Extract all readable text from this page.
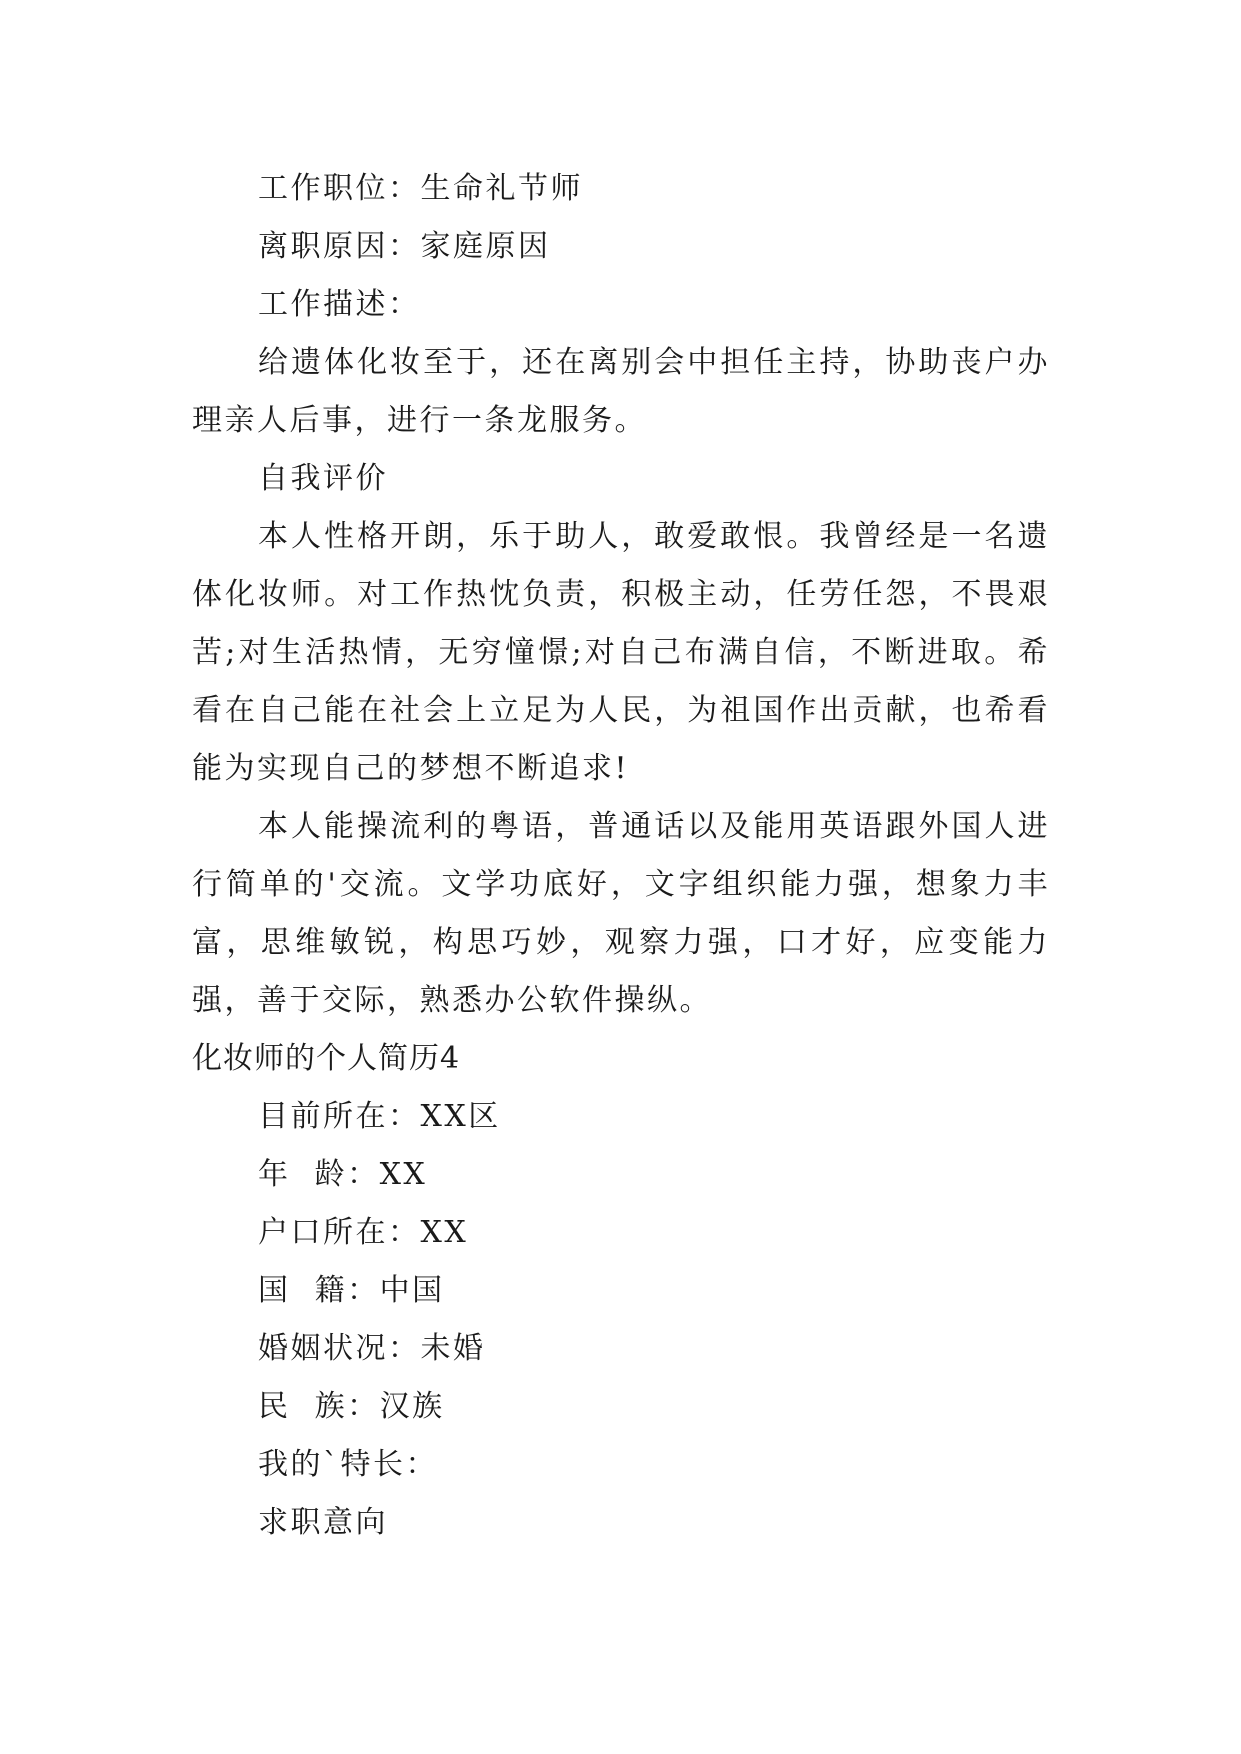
工作职位：生命礼节师

离职原因：家庭原因

工作描述：

给遗体化妆至于，还在离别会中担任主持，协助丧户办理亲人后事，进行一条龙服务。

自我评价

本人性格开朗，乐于助人，敢爱敢恨。我曾经是一名遗体化妆师。对工作热忱负责，积极主动，任劳任怨，不畏艰苦;对生活热情，无穷憧憬;对自己布满自信，不断进取。希看在自己能在社会上立足为人民，为祖国作出贡献，也希看能为实现自己的梦想不断追求!

本人能操流利的粤语，普通话以及能用英语跟外国人进行简单的'交流。文学功底好，文字组织能力强，想象力丰富，思维敏锐，构思巧妙，观察力强，口才好，应变能力强，善于交际，熟悉办公软件操纵。

化妆师的个人简历4

目前所在：XX区

年  龄：XX

户口所在：XX

国  籍：中国

婚姻状况：未婚

民  族：汉族

我的`特长：

求职意向
